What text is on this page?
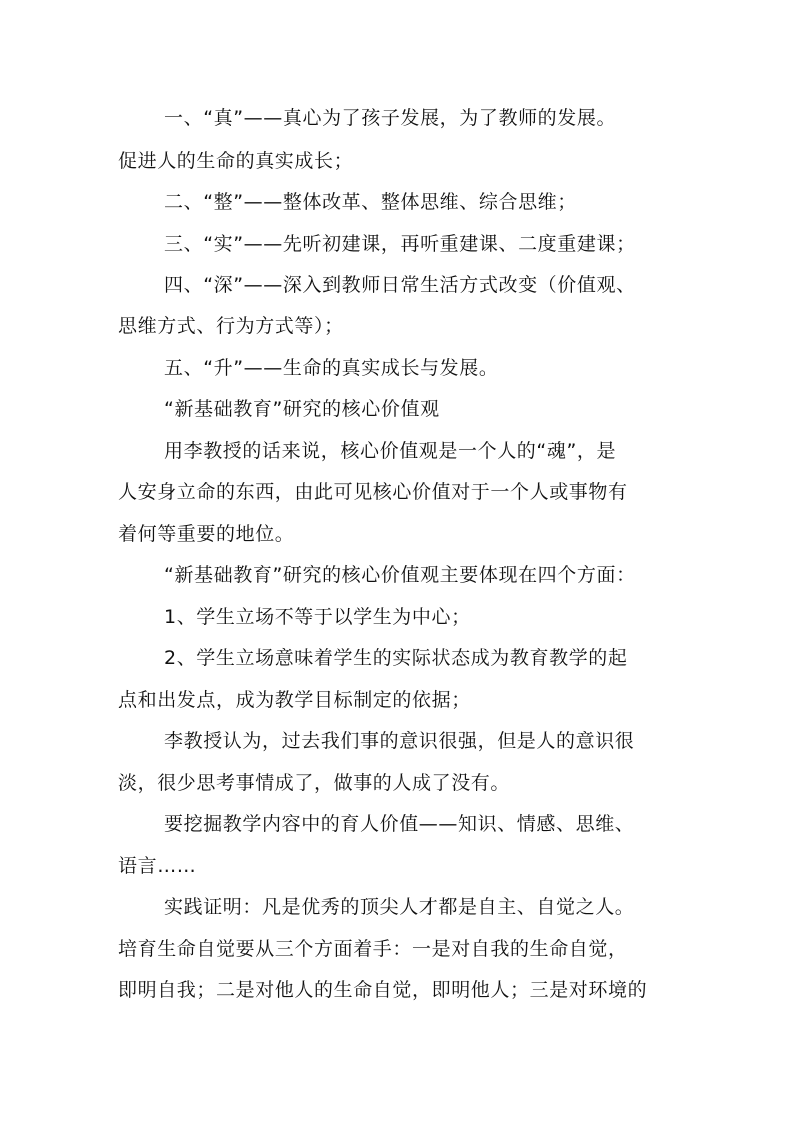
一、“真”——真心为了孩子发展，为了教师的发展。
促进人的生命的真实成长；
二、“整”——整体改革、整体思维、综合思维；
三、“实”——先听初建课，再听重建课、二度重建课；
四、“深”——深入到教师日常生活方式改变（价值观、
思维方式、行为方式等）；
五、“升”——生命的真实成长与发展。
“新基础教育”研究的核心价值观
用李教授的话来说，核心价值观是一个人的“魂”，是
人安身立命的东西，由此可见核心价值对于一个人或事物有
着何等重要的地位。
“新基础教育”研究的核心价值观主要体现在四个方面：
1、学生立场不等于以学生为中心；
2、学生立场意味着学生的实际状态成为教育教学的起
点和出发点，成为教学目标制定的依据；
李教授认为，过去我们事的意识很强，但是人的意识很
淡，很少思考事情成了，做事的人成了没有。
要挖掘教学内容中的育人价值——知识、情感、思维、
语言……
实践证明：凡是优秀的顶尖人才都是自主、自觉之人。
培育生命自觉要从三个方面着手：一是对自我的生命自觉，
即明自我；二是对他人的生命自觉，即明他人；三是对环境的
